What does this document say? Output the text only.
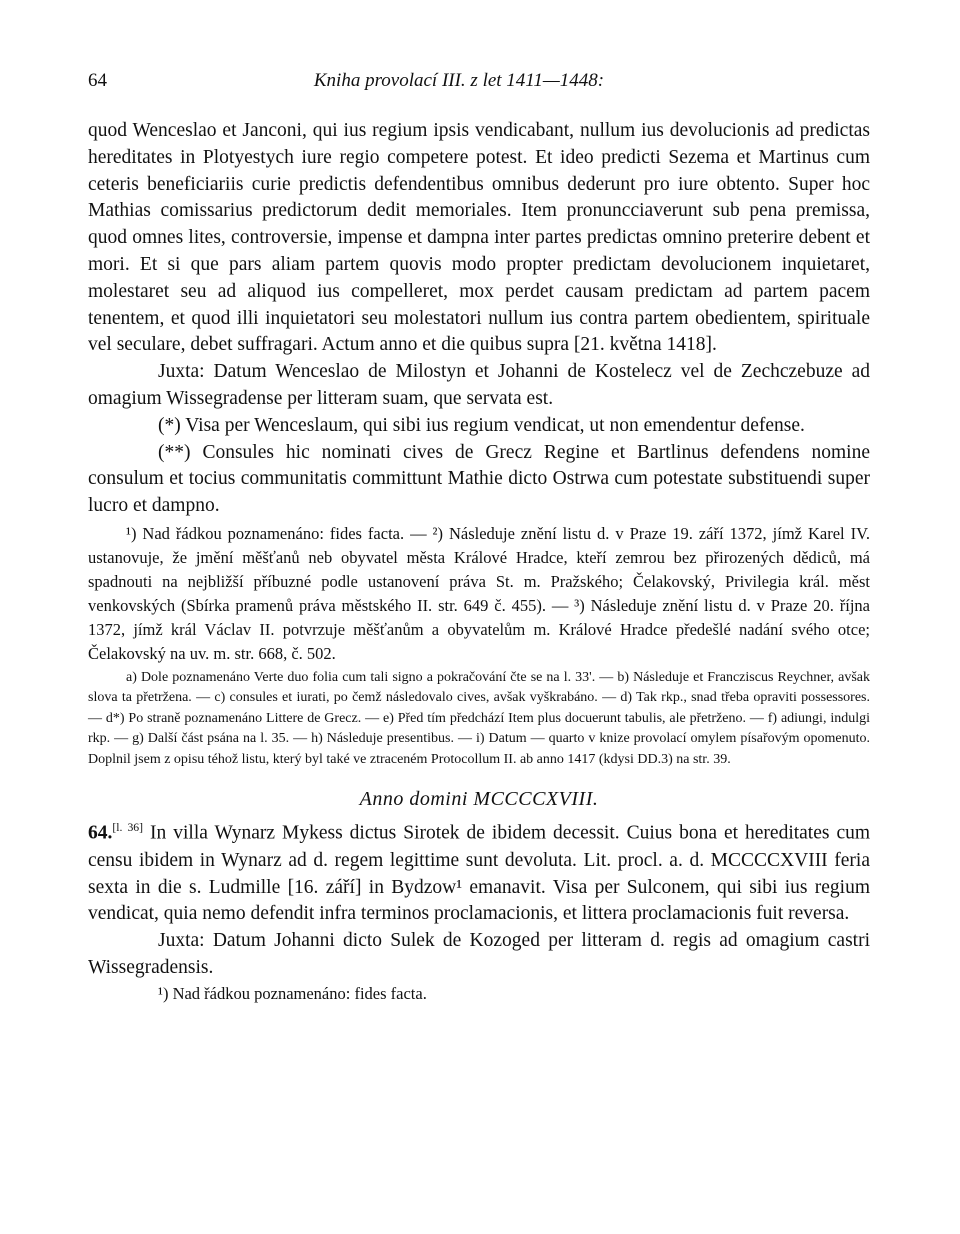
64	Kniha provolací III. z let 1411—1448:

quod Wenceslao et Janconi, qui ius regium ipsis vendicabant, nullum ius devolucionis ad predictas hereditates in Plotyestych iure regio competere potest. Et ideo predicti Sezema et Martinus cum ceteris beneficiariis curie predictis defendentibus omnibus dederunt pro iure obtento. Super hoc Mathias comissarius predictorum dedit memoriales. Item pronuncciaverunt sub pena premissa, quod omnes lites, controversie, impense et dampna inter partes predictas omnino preterire debent et mori. Et si que pars aliam partem quovis modo propter predictam devolucionem inquietaret, molestaret seu ad aliquod ius compelleret, mox perdet causam predictam ad partem pacem tenentem, et quod illi inquietatori seu molestatori nullum ius contra partem obedientem, spirituale vel seculare, debet suffragari. Actum anno et die quibus supra [21. května 1418].

Juxta: Datum Wenceslao de Milostyn et Johanni de Kostelecz vel de Zechczebuze ad omagium Wissegradense per litteram suam, que servata est.

(*) Visa per Wenceslaum, qui sibi ius regium vendicat, ut non emendentur defense.

(**) Consules hic nominati cives de Grecz Regine et Bartlinus defendens nomine consulum et tocius communitatis committunt Mathie dicto Ostrwa cum potestate substituendi super lucro et dampno.

¹) Nad řádkou poznamenáno: fides facta. — ²) Následuje znění listu d. v Praze 19. září 1372, jímž Karel IV. ustanovuje, že jmění měšťanů neb obyvatel města Králové Hradce, kteří zemrou bez přirozených dědiců, má spadnouti na nejbližší příbuzné podle ustanovení práva St. m. Pražského; Čelakovský, Privilegia král. měst venkovských (Sbírka pramenů práva městského II. str. 649 č. 455). — ³) Následuje znění listu d. v Praze 20. října 1372, jímž král Václav II. potvrzuje měšťanům a obyvatelům m. Králové Hradce předešlé nadání svého otce; Čelakovský na uv. m. str. 668, č. 502.

a) Dole poznamenáno Verte duo folia cum tali signo a pokračování čte se na l. 33'. — b) Následuje et Francziscus Reychner, avšak slova ta přetržena. — c) consules et iurati, po čemž následovalo cives, avšak vyškrabáno. — d) Tak rkp., snad třeba opraviti possessores. — d*) Po straně poznamenáno Littere de Grecz. — e) Před tím předchází Item plus docuerunt tabulis, ale přetrženo. — f) adiungi, indulgi rkp. — g) Další část psána na l. 35. — h) Následuje presentibus. — i) Datum — quarto v knize provolací omylem písařovým opomenuto. Doplnil jsem z opisu téhož listu, který byl také ve ztraceném Protocollum II. ab anno 1417 (kdysi DD.3) na str. 39.

Anno domini MCCCCXVIII.

64.[l. 36] In villa Wynarz Mykess dictus Sirotek de ibidem decessit. Cuius bona et hereditates cum censu ibidem in Wynarz ad d. regem legittime sunt devoluta. Lit. procl. a. d. MCCCCXVIII feria sexta in die s. Ludmille [16. září] in Bydzow¹ emanavit. Visa per Sulconem, qui sibi ius regium vendicat, quia nemo defendit infra terminos proclamacionis, et littera proclamacionis fuit reversa.

Juxta: Datum Johanni dicto Sulek de Kozoged per litteram d. regis ad omagium castri Wissegradensis.

¹) Nad řádkou poznamenáno: fides facta.
